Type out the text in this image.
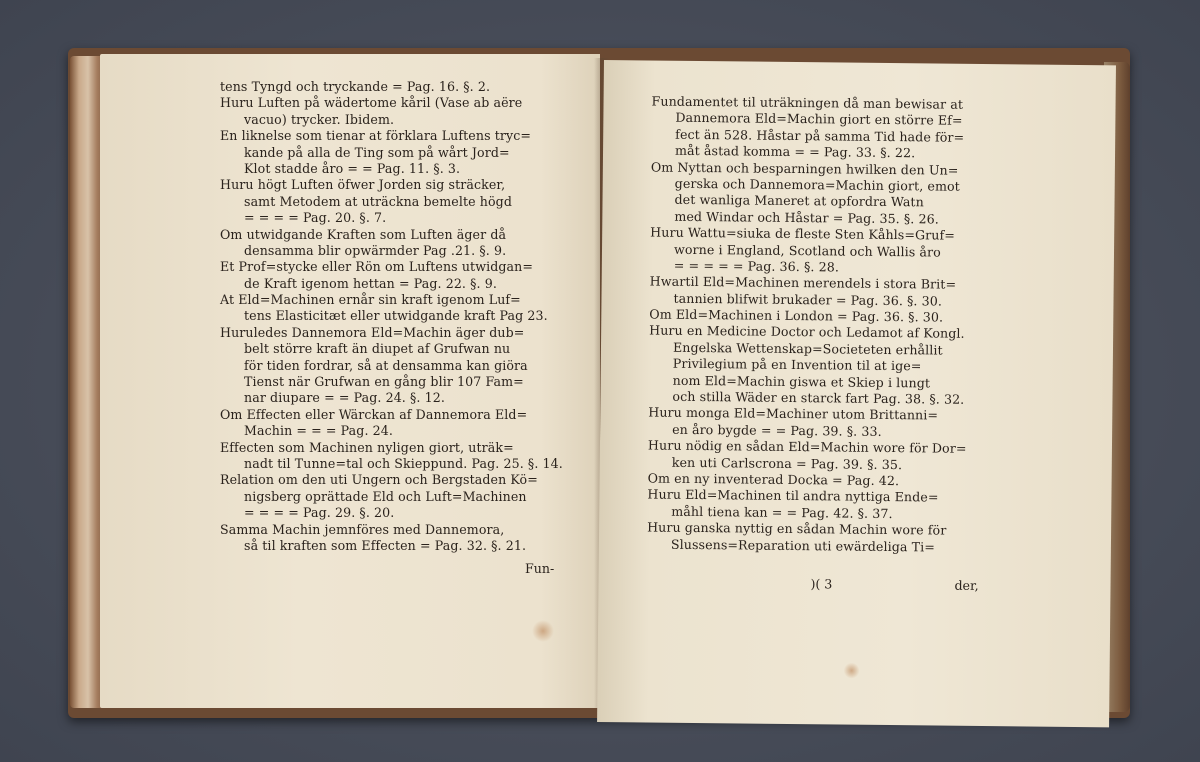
tens Tyngd och tryckande = Pag. 16. §. 2.
Huru Luften på wädertome kåril (Vase ab aëre
vacuo) trycker. Ibidem.
En liknelse som tienar at förklara Luftens tryc=
kande på alla de Ting som på wårt Jord=
Klot stadde åro = = Pag. 11. §. 3.
Huru högt Luften öfwer Jorden sig sträcker,
samt Metodem at uträckna bemelte högd
= = = = Pag. 20. §. 7.
Om utwidgande Kraften som Luften äger då
densamma blir opwärmder Pag .21. §. 9.
Et Prof=stycke eller Rön om Luftens utwidgan=
de Kraft igenom hettan = Pag. 22. §. 9.
At Eld=Machinen ernår sin kraft igenom Luf=
tens Elasticitæt eller utwidgande kraft Pag 23.
Huruledes Dannemora Eld=Machin äger dub=
belt större kraft än diupet af Grufwan nu
för tiden fordrar, så at densamma kan giöra
Tienst när Grufwan en gång blir 107 Fam=
nar diupare = = Pag. 24. §. 12.
Om Effecten eller Wärckan af Dannemora Eld=
Machin = = = Pag. 24.
Effecten som Machinen nyligen giort, uträk=
nadt til Tunne=tal och Skieppund. Pag. 25. §. 14.
Relation om den uti Ungern och Bergstaden Kö=
nigsberg oprättade Eld och Luft=Machinen
= = = = Pag. 29. §. 20.
Samma Machin jemnföres med Dannemora,
så til kraften som Effecten = Pag. 32. §. 21.
Fun-
Fundamentet til uträkningen då man bewisar at
Dannemora Eld=Machin giort en större Ef=
fect än 528. Håstar på samma Tid hade för=
måt åstad komma = = Pag. 33. §. 22.
Om Nyttan och besparningen hwilken den Un=
gerska och Dannemora=Machin giort, emot
det wanliga Maneret at opfordra Watn
med Windar och Håstar = Pag. 35. §. 26.
Huru Wattu=siuka de fleste Sten Kåhls=Gruf=
worne i England, Scotland och Wallis åro
= = = = = Pag. 36. §. 28.
Hwartil Eld=Machinen merendels i stora Brit=
tannien blifwit brukader = Pag. 36. §. 30.
Om Eld=Machinen i London = Pag. 36. §. 30.
Huru en Medicine Doctor och Ledamot af Kongl.
Engelska Wettenskap=Societeten erhållit
Privilegium på en Invention til at ige=
nom Eld=Machin giswa et Skiep i lungt
och stilla Wäder en starck fart Pag. 38. §. 32.
Huru monga Eld=Machiner utom Brittanni=
en åro bygde = = Pag. 39. §. 33.
Huru nödig en sådan Eld=Machin wore för Dor=
ken uti Carlscrona = Pag. 39. §. 35.
Om en ny inventerad Docka = Pag. 42.
Huru Eld=Machinen til andra nyttiga Ende=
måhl tiena kan = = Pag. 42. §. 37.
Huru ganska nyttig en sådan Machin wore för
Slussens=Reparation uti ewärdeliga Ti=
)( 3	der,
